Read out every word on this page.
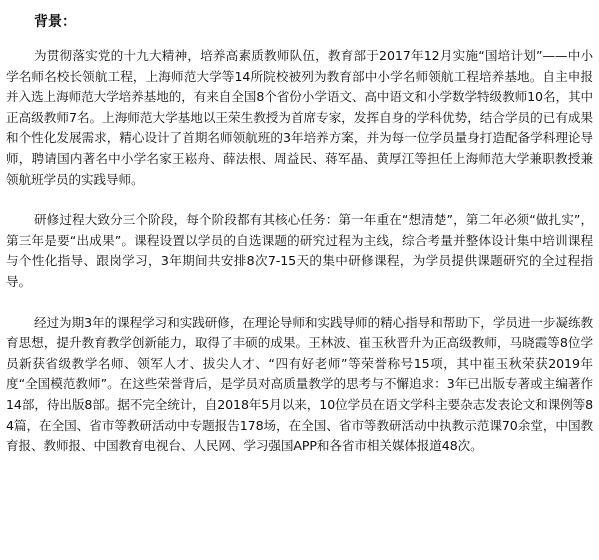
背景：

为贯彻落实党的十九大精神，培养高素质教师队伍，教育部于2017年12月实施“国培计划”——中小学名师名校长领航工程，上海师范大学等14所院校被列为教育部中小学名师领航工程培养基地。自主申报并入选上海师范大学培养基地的，有来自全国8个省份小学语文、高中语文和小学数学特级教师10名，其中正高级教师7名。上海师范大学基地以王荣生教授为首席专家，发挥自身的学科优势，结合学员的已有成果和个性化发展需求，精心设计了首期名师领航班的3年培养方案，并为每一位学员量身打造配备学科理论导师，聘请国内著名中小学名家王崧舟、薛法根、周益民、蒋军晶、黄厚江等担任上海师范大学兼职教授兼领航班学员的实践导师。

研修过程大致分三个阶段，每个阶段都有其核心任务：第一年重在“想清楚”，第二年必须“做扎实”，第三年是要“出成果”。课程设置以学员的自选课题的研究过程为主线，综合考量并整体设计集中培训课程与个性化指导、跟岗学习，3年期间共安排8次7-15天的集中研修课程，为学员提供课题研究的全过程指导。

经过为期3年的课程学习和实践研修，在理论导师和实践导师的精心指导和帮助下，学员进一步凝练教育思想，提升教育教学创新能力，取得了丰硕的成果。王林波、崔玉秋晋升为正高级教师，马晓霞等8位学员新获省级教学名师、领军人才、拔尖人才、“四有好老师”等荣誉称号15项，其中崔玉秋荣获2019年度“全国模范教师”。在这些荣誉背后，是学员对高质量教学的思考与不懈追求：3年已出版专著或主编著作14部，待出版8部。据不完全统计，自2018年5月以来，10位学员在语文学科主要杂志发表论文和课例等84篇，在全国、省市等教研活动中专题报告178场，在全国、省市等教研活动中执教示范课70余堂，中国教育报、教师报、中国教育电视台、人民网、学习强国APP和各省市相关媒体报道48次。
